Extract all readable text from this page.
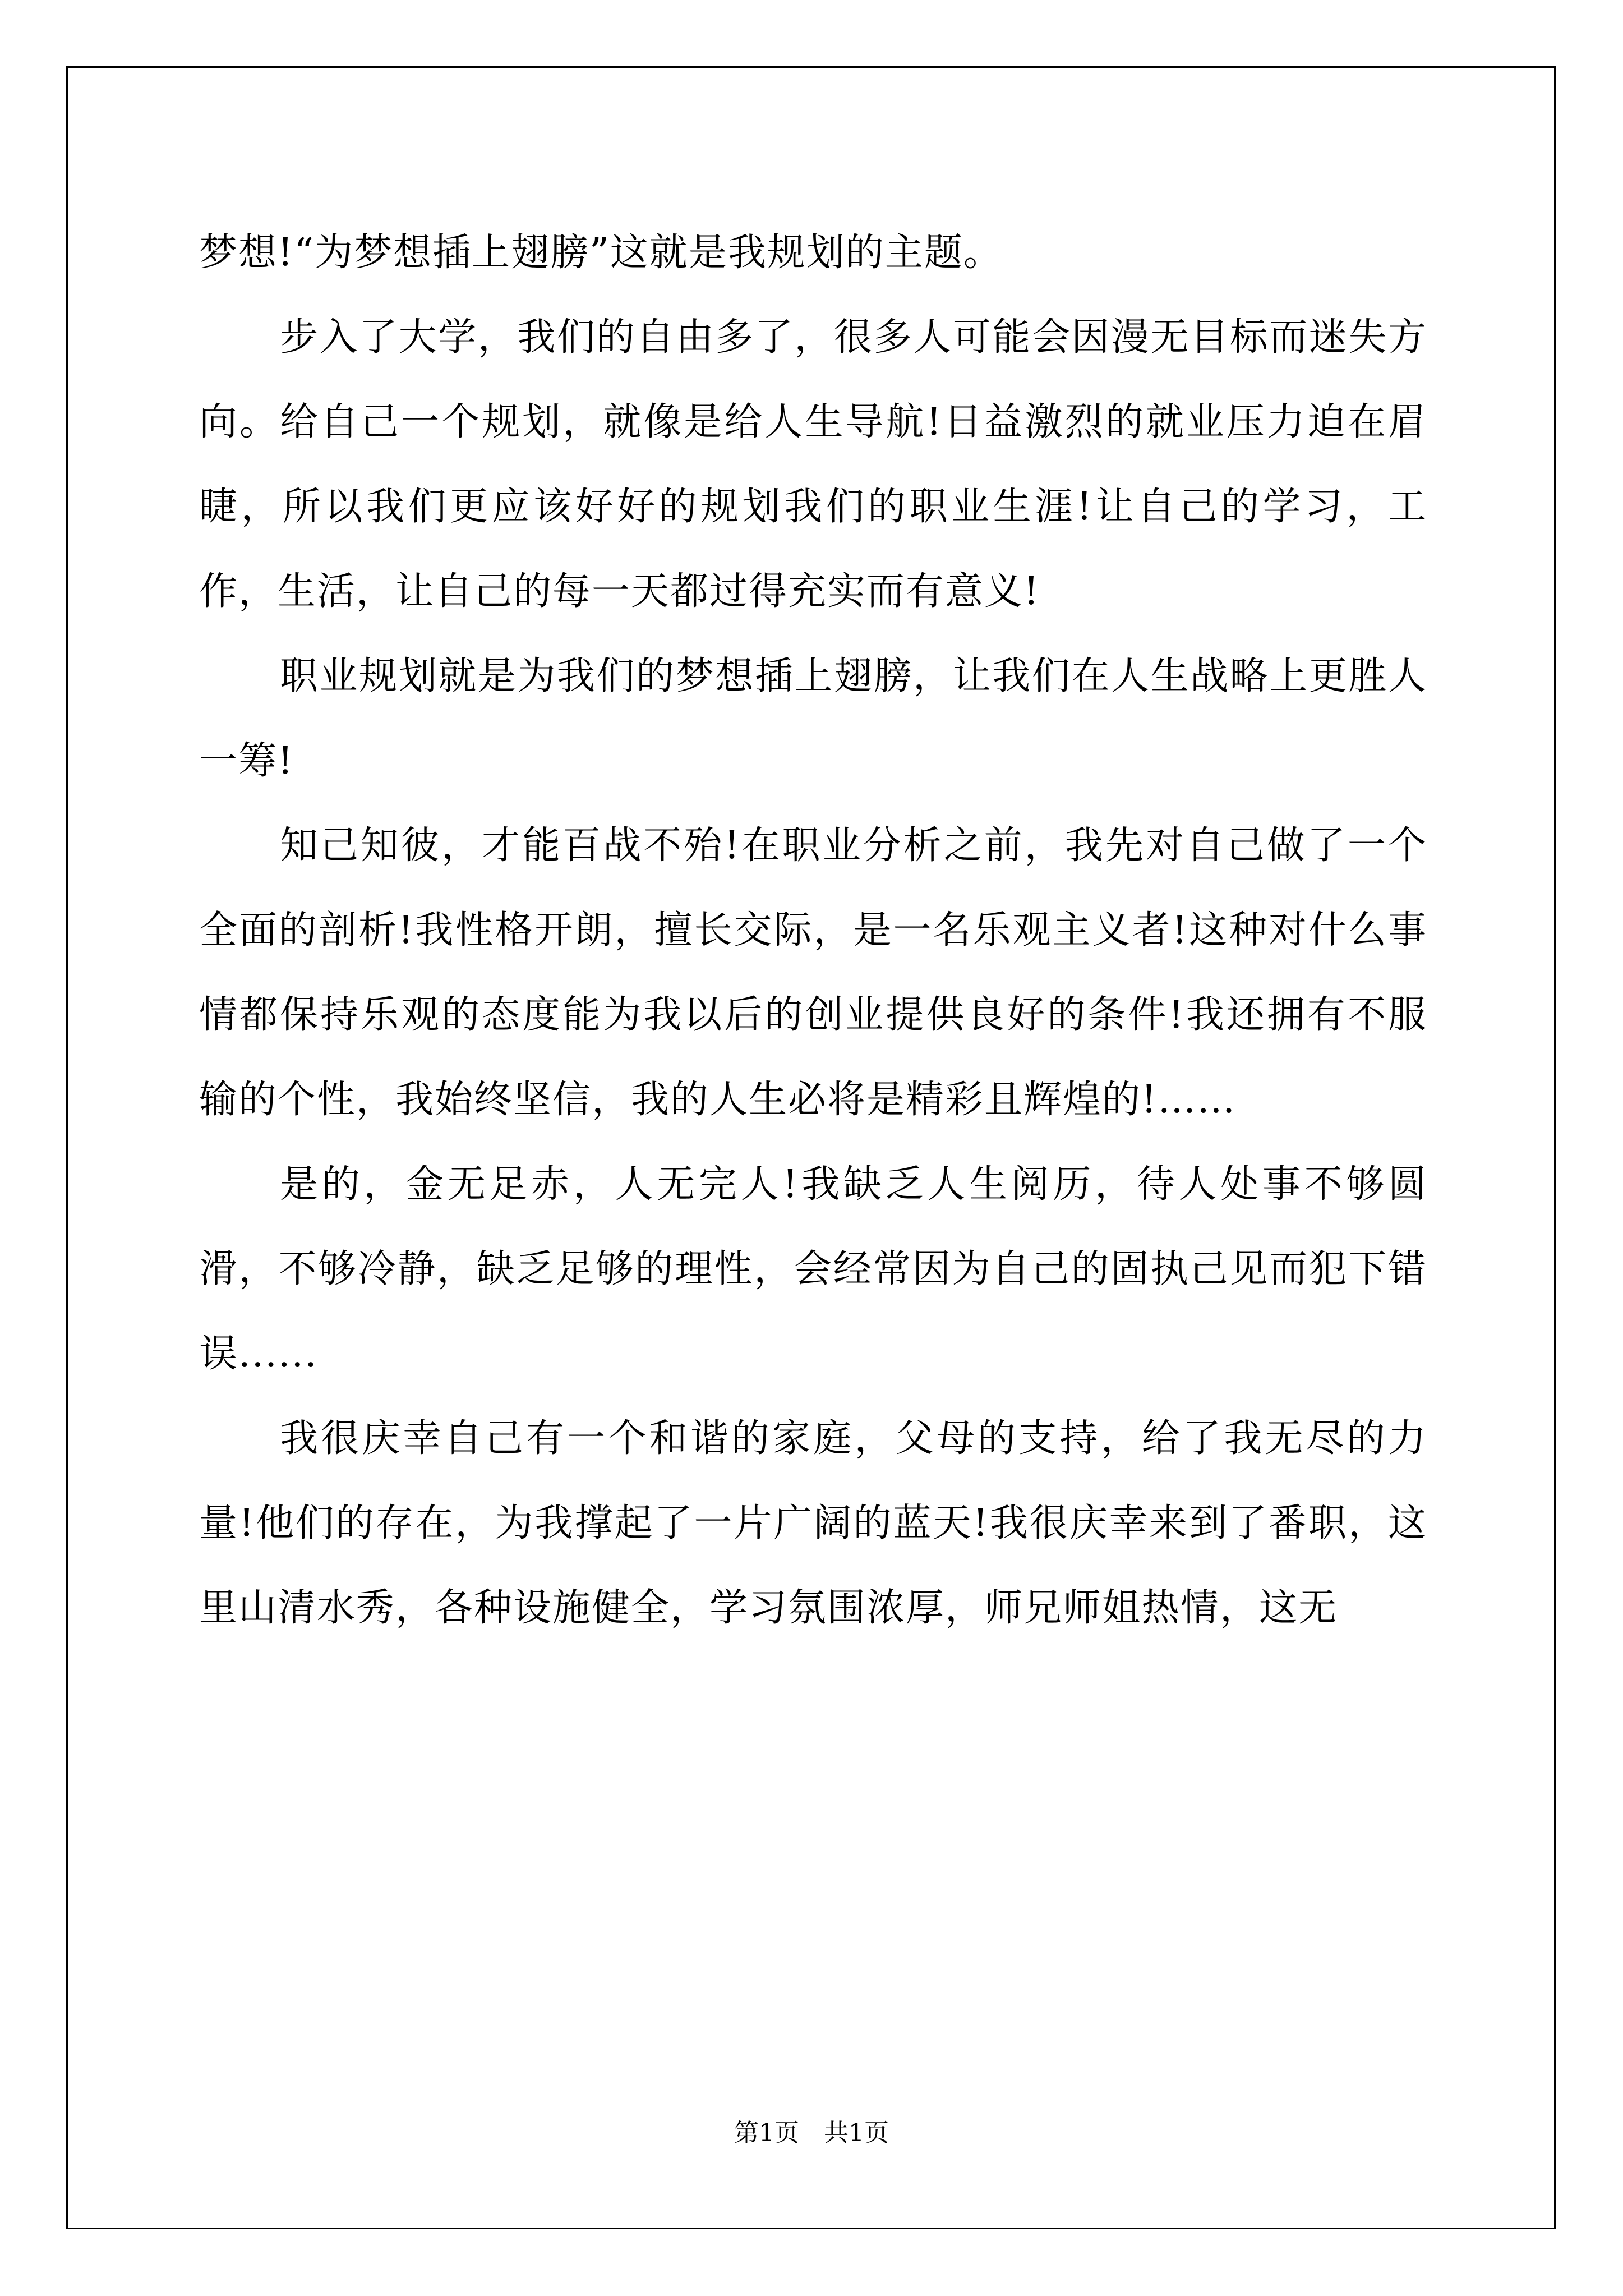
梦想!“为梦想插上翅膀”这就是我规划的主题。

步入了大学，我们的自由多了，很多人可能会因漫无目标而迷失方向。给自己一个规划，就像是给人生导航!日益激烈的就业压力迫在眉睫，所以我们更应该好好的规划我们的职业生涯!让自己的学习，工作，生活，让自己的每一天都过得充实而有意义!

职业规划就是为我们的梦想插上翅膀，让我们在人生战略上更胜人一筹!

知己知彼，才能百战不殆!在职业分析之前，我先对自己做了一个全面的剖析!我性格开朗，擅长交际，是一名乐观主义者!这种对什么事情都保持乐观的态度能为我以后的创业提供良好的条件!我还拥有不服输的个性，我始终坚信，我的人生必将是精彩且辉煌的!……

是的，金无足赤，人无完人!我缺乏人生阅历，待人处事不够圆滑，不够冷静，缺乏足够的理性，会经常因为自己的固执己见而犯下错误......

我很庆幸自己有一个和谐的家庭，父母的支持，给了我无尽的力量!他们的存在，为我撑起了一片广阔的蓝天!我很庆幸来到了番职，这里山清水秀，各种设施健全，学习氛围浓厚，师兄师姐热情，这无

第1页　共1页
